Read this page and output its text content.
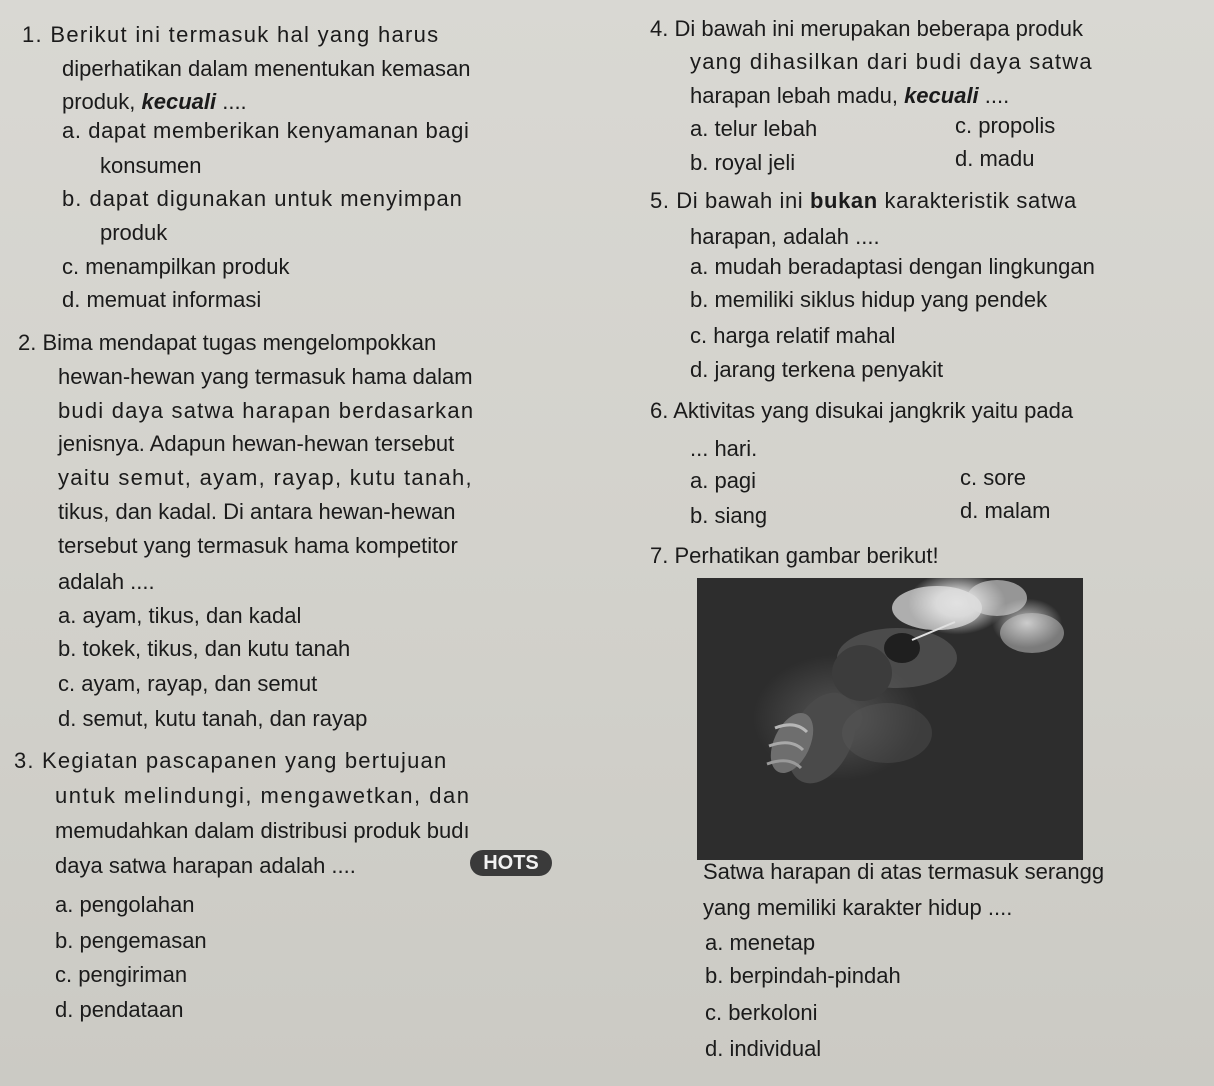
1. Berikut ini termasuk hal yang harus
diperhatikan dalam menentukan kemasan
produk, kecuali ....
a. dapat memberikan kenyamanan bagi
konsumen
b. dapat digunakan untuk menyimpan
produk
c. menampilkan produk
d. memuat informasi
2. Bima mendapat tugas mengelompokkan
hewan-hewan yang termasuk hama dalam
budi daya satwa harapan berdasarkan
jenisnya. Adapun hewan-hewan tersebut
yaitu semut, ayam, rayap, kutu tanah,
tikus, dan kadal. Di antara hewan-hewan
tersebut yang termasuk hama kompetitor
adalah ....
a. ayam, tikus, dan kadal
b. tokek, tikus, dan kutu tanah
c. ayam, rayap, dan semut
d. semut, kutu tanah, dan rayap
3. Kegiatan pascapanen yang bertujuan
untuk melindungi, mengawetkan, dan
memudahkan dalam distribusi produk budı
daya satwa harapan adalah ....	HOTS
a. pengolahan
b. pengemasan
c. pengiriman
d. pendataan
4. Di bawah ini merupakan beberapa produk
yang dihasilkan dari budi daya satwa
harapan lebah madu, kecuali ....
a. telur lebah	c. propolis
b. royal jeli	d. madu
5. Di bawah ini bukan karakteristik satwa
harapan, adalah ....
a. mudah beradaptasi dengan lingkungan
b. memiliki siklus hidup yang pendek
c. harga relatif mahal
d. jarang terkena penyakit
6. Aktivitas yang disukai jangkrik yaitu pada
... hari.
a. pagi	c. sore
b. siang	d. malam
7. Perhatikan gambar berikut!
Satwa harapan di atas termasuk serangg
yang memiliki karakter hidup ....
a. menetap
b. berpindah-pindah
c. berkoloni
d. individual
